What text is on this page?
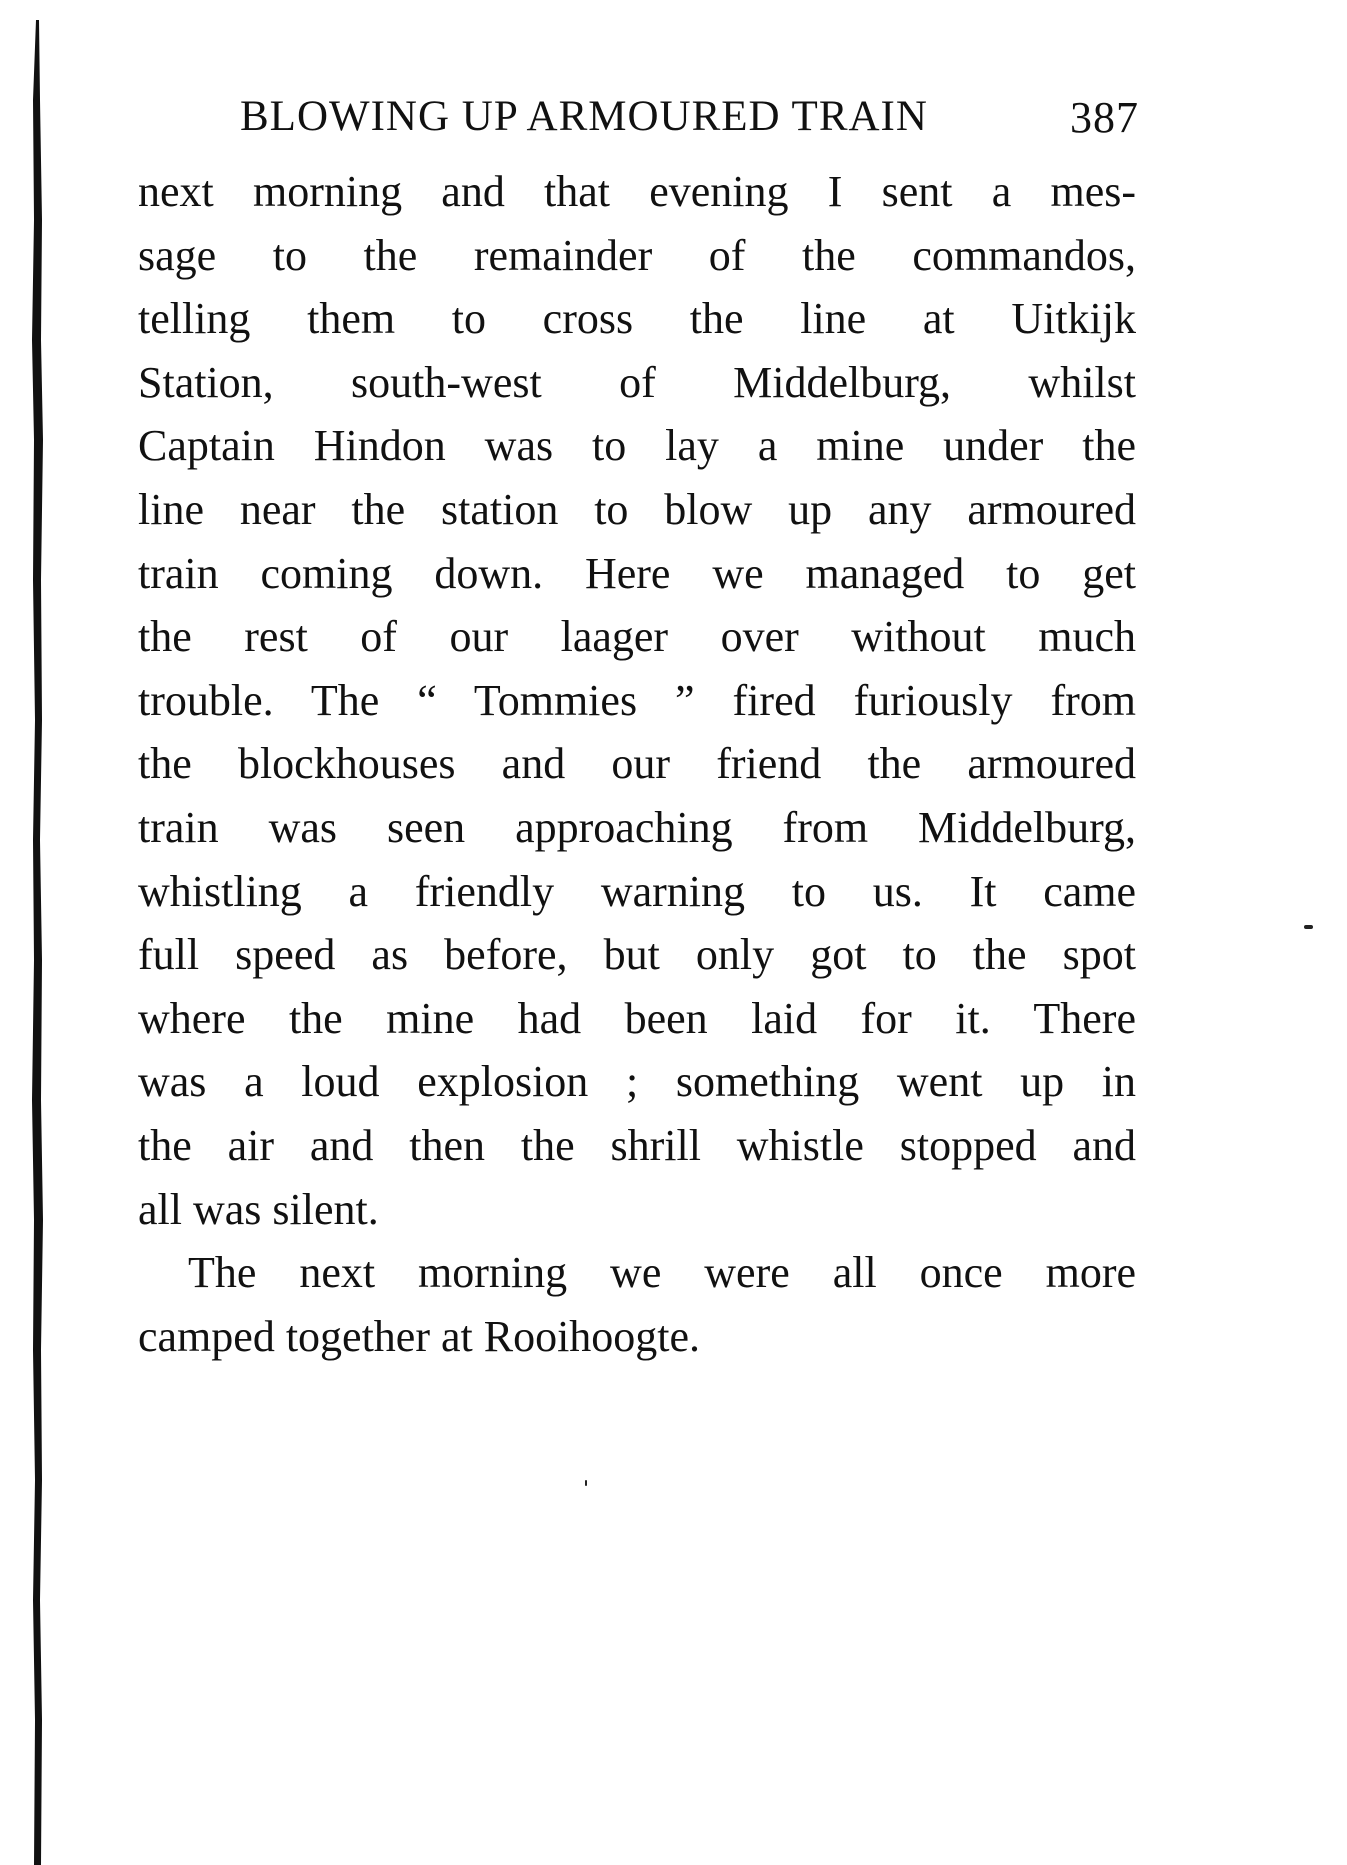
BLOWING UP ARMOURED TRAIN	387
next morning and that evening I sent a mes-
sage to the remainder of the commandos,
telling them to cross the line at Uitkijk
Station, south-west of Middelburg, whilst
Captain Hindon was to lay a mine under the
line near the station to blow up any armoured
train coming down. Here we managed to get
the rest of our laager over without much
trouble. The “ Tommies ” fired furiously from
the blockhouses and our friend the armoured
train was seen approaching from Middelburg,
whistling a friendly warning to us. It came
full speed as before, but only got to the spot
where the mine had been laid for it. There
was a loud explosion ; something went up in
the air and then the shrill whistle stopped and
all was silent.
The next morning we were all once more
camped together at Rooihoogte.
